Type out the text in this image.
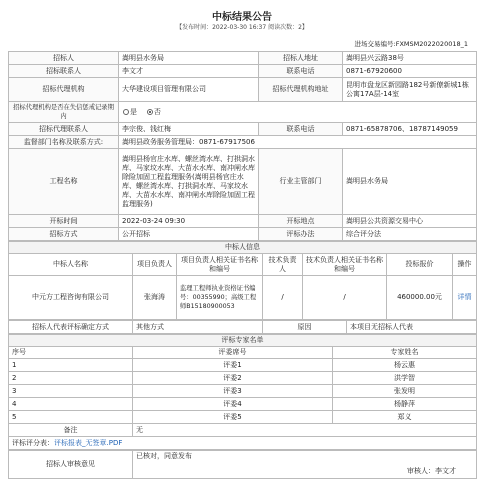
中标结果公告
【发布时间：2022-03-30 16:37 阅读次数：2】
进场交易编号:FXMSM2022020018_1
招标人	嵩明县水务局	招标人地址	嵩明县兴云路38号
招标联系人	李文才	联系电话	0871-67920600
招标代理机构	大华建设项目管理有限公司	招标代理机构地址	昆明市盘龙区新园路182号新僚新城1栋公寓17A层-14室
招标代理机构是否在失信惩戒记录期内	是 否		
招标代理联系人	李宗俊、钱红梅	联系电话	0871-65878706、18787149059
监督部门名称及联系方式:	嵩明县政务服务管理局：0871-67917506		
工程名称	嵩明县杨官庄水库、螺丝湾水库、打拱洞水库、马家坟水库、大苗水水库、南冲闸水库除险加固工程监理服务(嵩明县杨官庄水库、螺丝湾水库、打拱洞水库、马家坟水库、大苗水水库、南冲闸水库除险加固工程监理服务)	行业主管部门	嵩明县水务局
开标时间	2022-03-24 09:30	开标地点	嵩明县公共资源交易中心
招标方式	公开招标	评标办法	综合评分法
中标人信息						
中标人名称	项目负责人	项目负责人相关证书名称和编号	技术负责人	技术负责人相关证书名称和编号	投标报价	操作
中元方工程咨询有限公司	张海涛	监理工程师执业资格证书编号：00355990；高级工程师B15180900053	/	/	460000.00元	详情
招标人代表评标确定方式	其他方式	原因	本项目无招标人代表
评标专家名单		
序号	评委席号	专家姓名
1	评委1	杨云惠
2	评委2	洪学智
3	评委3	张发明
4	评委4	杨静萍
5	评委5	郑义
备注	无	
评标评分表：评标报表_无签章.PDF		
招标人审核意见	
已核对，同意发布
审核人：李文才
